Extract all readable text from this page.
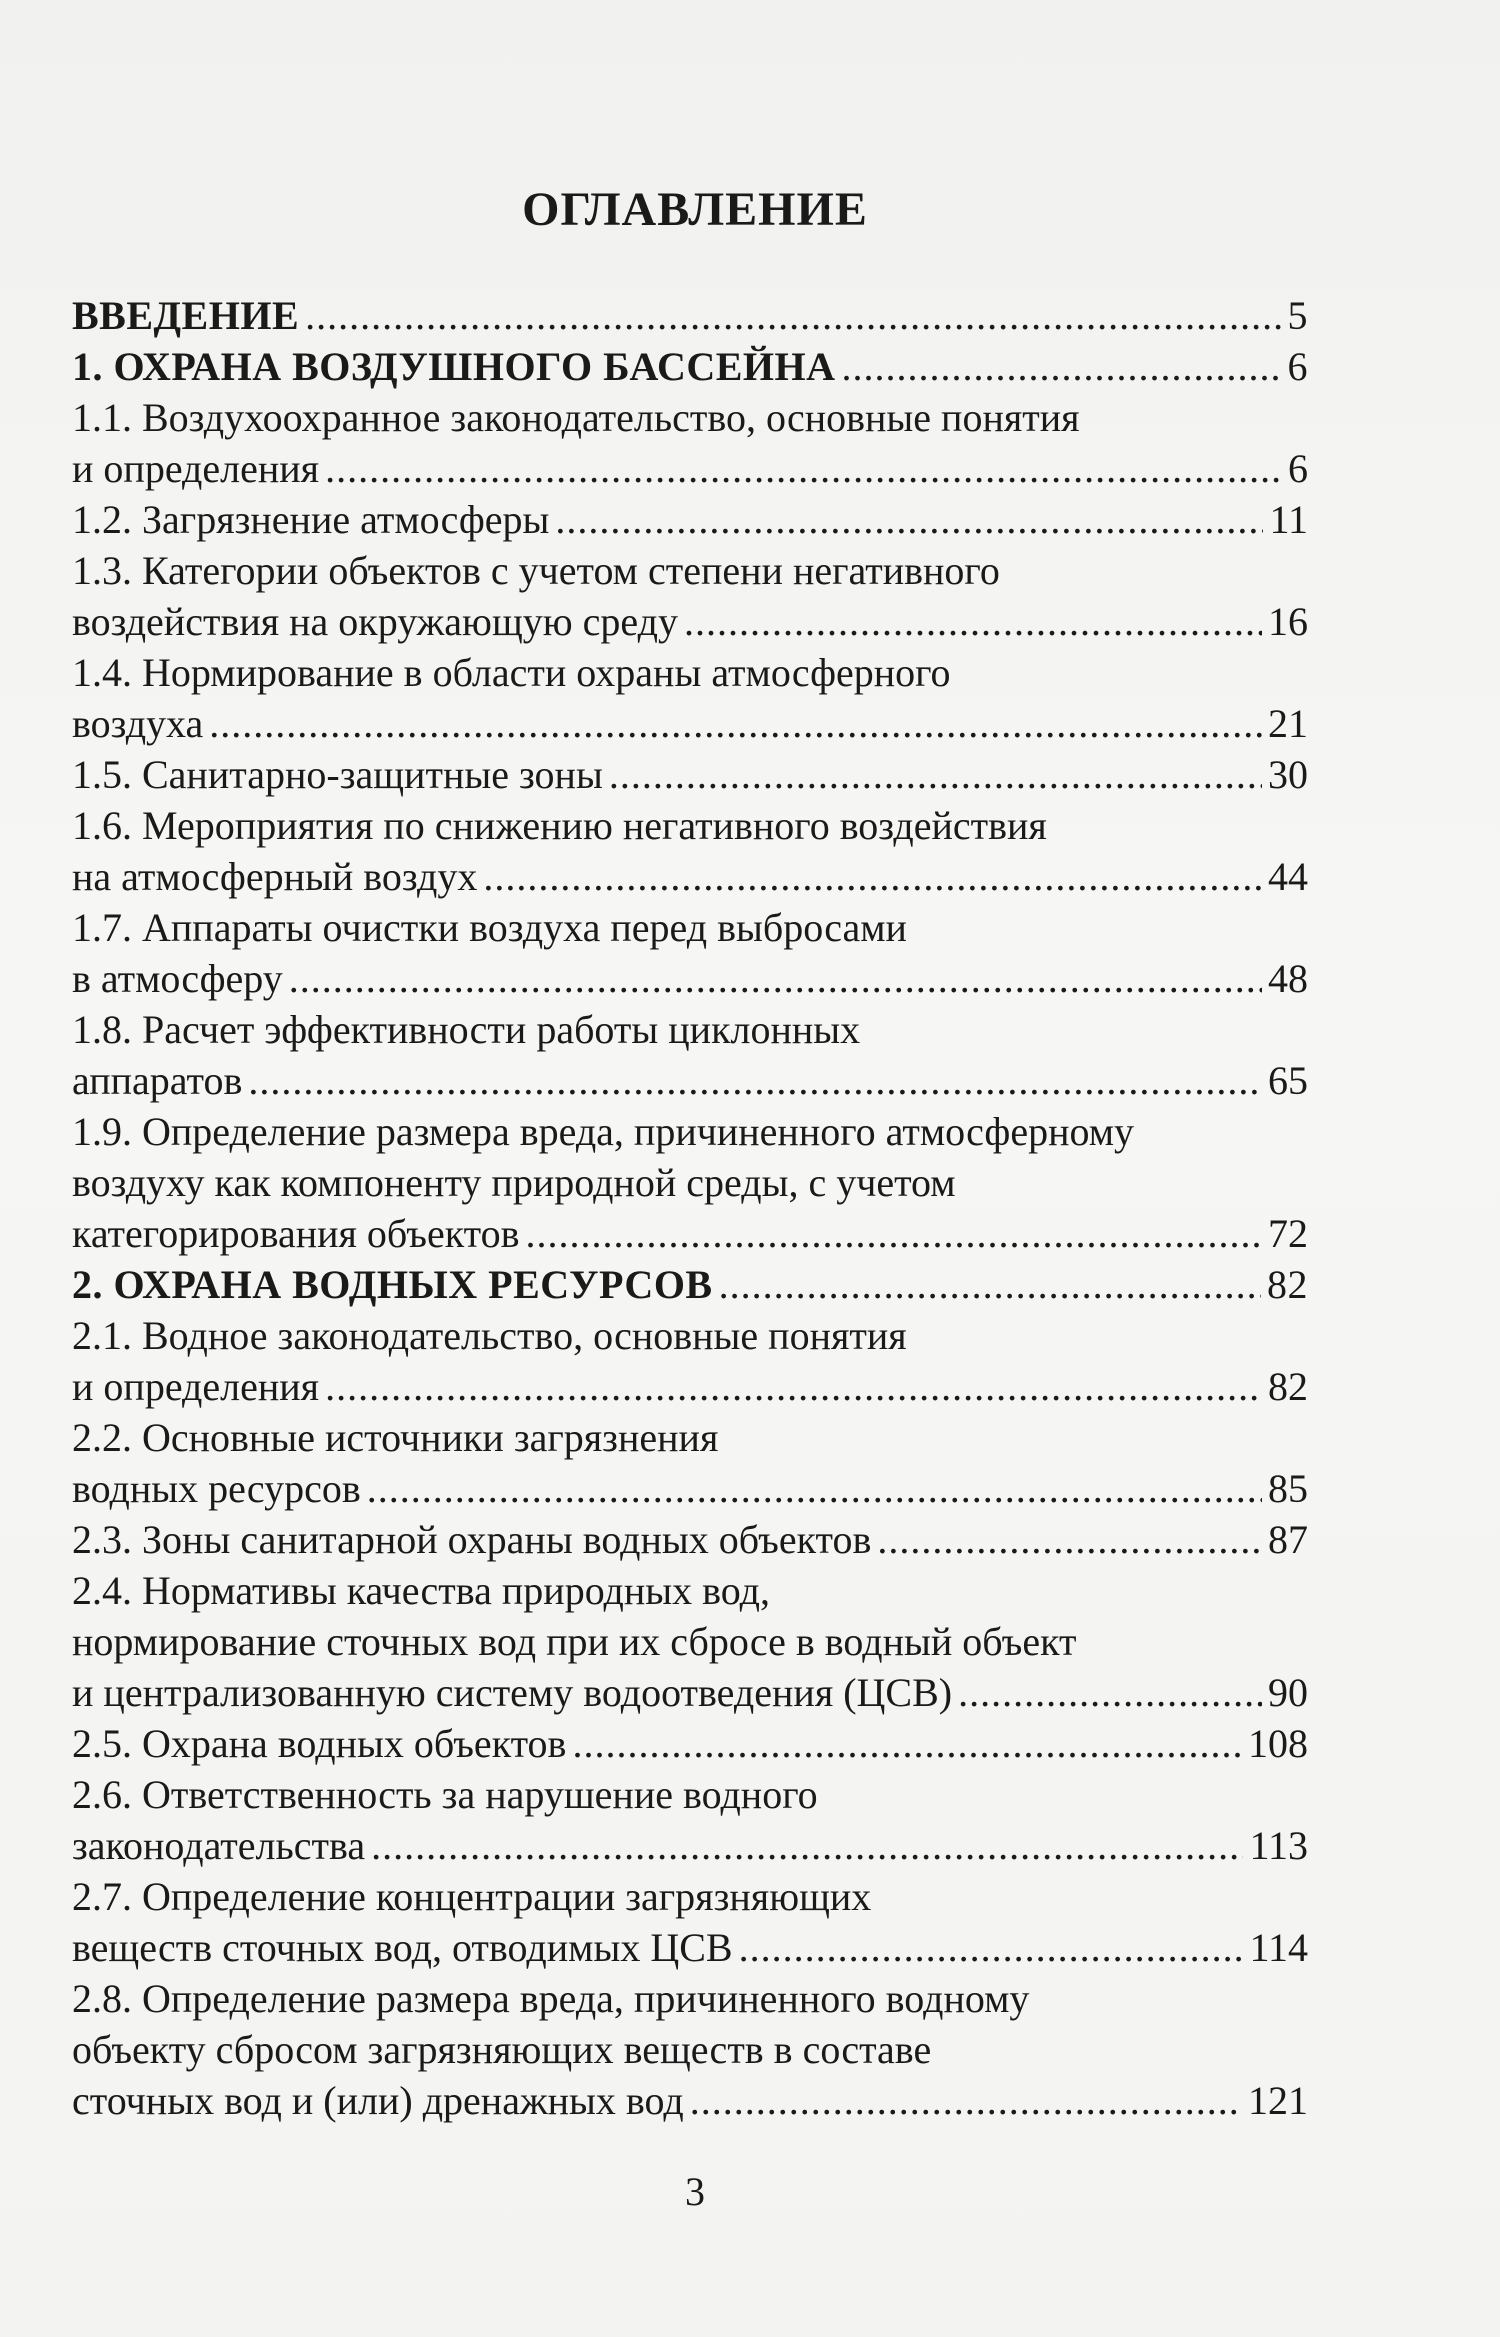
ОГЛАВЛЕНИЕ
ВВЕДЕНИЕ .....	5
1. ОХРАНА ВОЗДУШНОГО БАССЕЙНА .....	6
1.1. Воздухоохранное законодательство, основные понятия
и определения .....	6
1.2. Загрязнение атмосферы .....	11
1.3. Категории объектов с учетом степени негативного
воздействия на окружающую среду .....	16
1.4. Нормирование в области охраны атмосферного
воздуха .....	21
1.5. Санитарно-защитные зоны .....	30
1.6. Мероприятия по снижению негативного воздействия
на атмосферный воздух .....	44
1.7. Аппараты очистки воздуха перед выбросами
в атмосферу .....	48
1.8. Расчет эффективности работы циклонных
аппаратов .....	65
1.9. Определение размера вреда, причиненного атмосферному
воздуху как компоненту природной среды, с учетом
категорирования объектов .....	72
2. ОХРАНА ВОДНЫХ РЕСУРСОВ .....	82
2.1. Водное законодательство, основные понятия
и определения .....	82
2.2. Основные источники загрязнения
водных ресурсов .....	85
2.3. Зоны санитарной охраны водных объектов .....	87
2.4. Нормативы качества природных вод,
нормирование сточных вод при их сбросе в водный объект
и централизованную систему водоотведения (ЦСВ) .....	90
2.5. Охрана водных объектов .....	108
2.6. Ответственность за нарушение водного
законодательства .....	113
2.7. Определение концентрации загрязняющих
веществ сточных вод, отводимых ЦСВ .....	114
2.8. Определение размера вреда, причиненного водному
объекту сбросом загрязняющих веществ в составе
сточных вод и (или) дренажных вод .....	121
3
